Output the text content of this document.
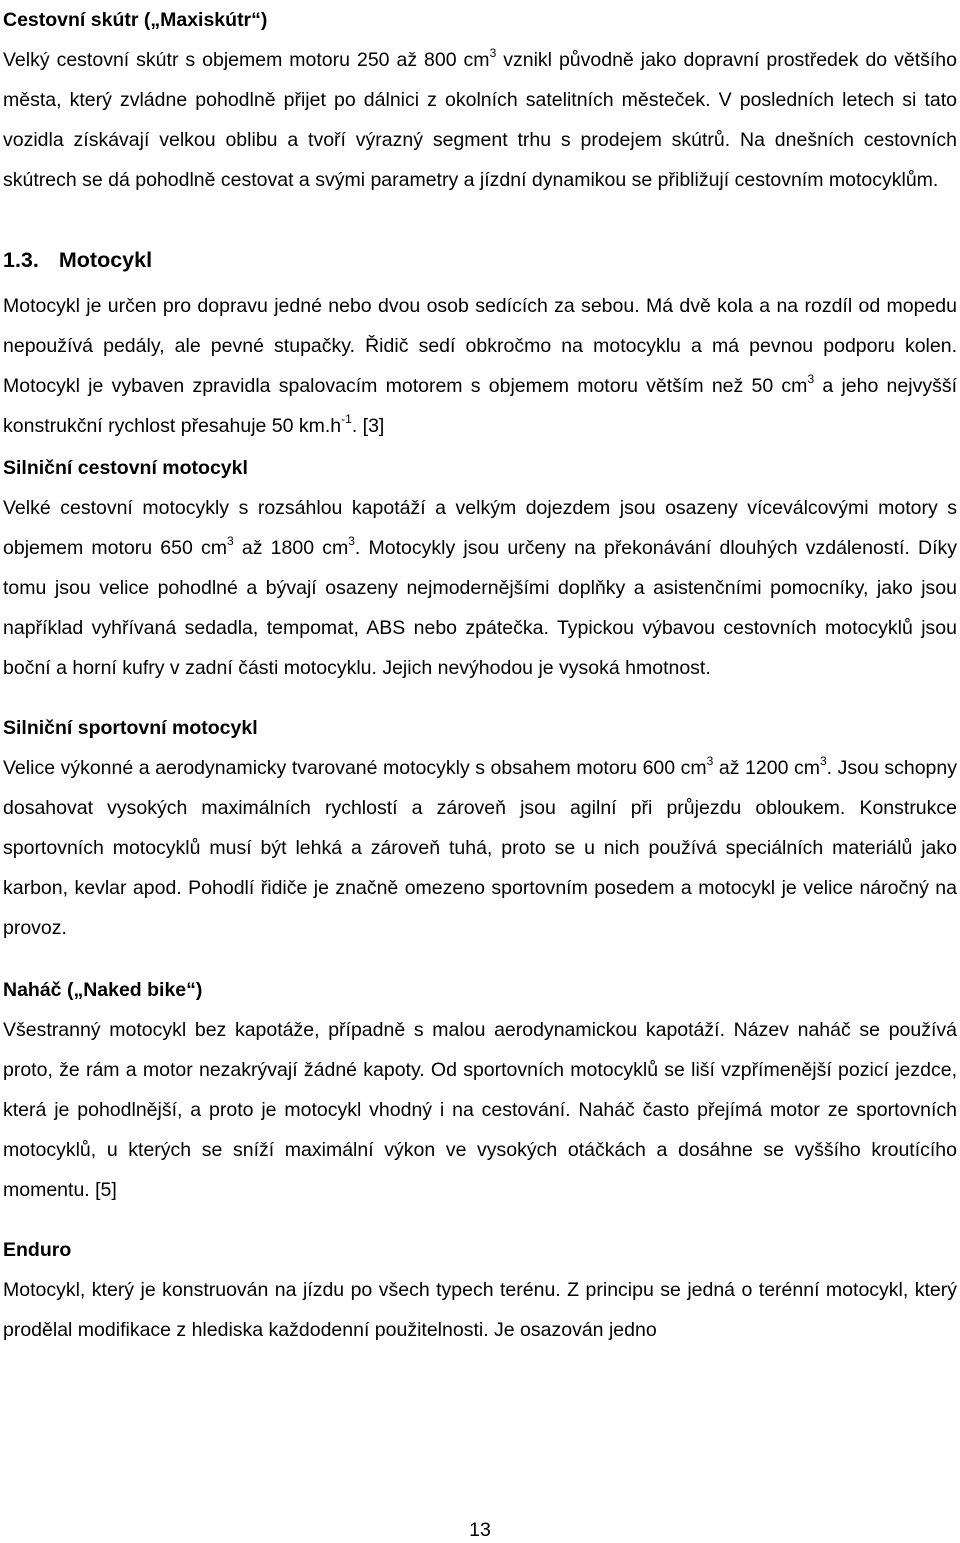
Cestovní skútr („Maxiskútr“)

Velký cestovní skútr s objemem motoru 250 až 800 $cm^3$ vznikl původně jako dopravní prostředek do většího města, který zvládne pohodlně přijet po dálnici z okolních satelitních městeček. V posledních letech si tato vozidla získávají velkou oblibu a tvoří výrazný segment trhu s prodejem skútrů. Na dnešních cestovních skútrech se dá pohodlně cestovat a svými parametry a jízdní dynamikou se přibližují cestovním motocyklům.

1.3. Motocykl

Motocykl je určen pro dopravu jedné nebo dvou osob sedících za sebou. Má dvě kola a na rozdíl od mopedu nepoužívá pedály, ale pevné stupačky. Řidič sedí obkročmo na motocyklu a má pevnou podporu kolen. Motocykl je vybaven zpravidla spalovacím motorem s objemem motoru větším než 50 $cm^3$ a jeho nejvyšší konstrukční rychlost přesahuje 50 $km.h^{-1}$. [3]

Silniční cestovní motocykl

Velké cestovní motocykly s rozsáhlou kapotáží a velkým dojezdem jsou osazeny víceválcovými motory s objemem motoru 650 $cm^3$ až 1800 $cm^3$. Motocykly jsou určeny na překonávání dlouhých vzdáleností. Díky tomu jsou velice pohodlné a bývají osazeny nejmodernějšími doplňky a asistenčními pomocníky, jako jsou například vyhřívaná sedadla, tempomat, ABS nebo zpátečka. Typickou výbavou cestovních motocyklů jsou boční a horní kufry v zadní části motocyklu. Jejich nevýhodou je vysoká hmotnost.

Silniční sportovní motocykl

Velice výkonné a aerodynamicky tvarované motocykly s obsahem motoru 600 $cm^3$ až 1200 $cm^3$. Jsou schopny dosahovat vysokých maximálních rychlostí a zároveň jsou agilní při průjezdu obloukem. Konstrukce sportovních motocyklů musí být lehká a zároveň tuhá, proto se u nich používá speciálních materiálů jako karbon, kevlar apod. Pohodlí řidiče je značně omezeno sportovním posedem a motocykl je velice náročný na provoz.

Naháč („Naked bike“)

Všestranný motocykl bez kapotáže, případně s malou aerodynamickou kapotáží. Název naháč se používá proto, že rám a motor nezakrývají žádné kapoty. Od sportovních motocyklů se liší vzpřímenější pozicí jezdce, která je pohodlnější, a proto je motocykl vhodný i na cestování. Naháč často přejímá motor ze sportovních motocyklů, u kterých se sníží maximální výkon ve vysokých otáčkách a dosáhne se vyššího kroutícího momentu. [5]

Enduro

Motocykl, který je konstruován na jízdu po všech typech terénu. Z principu se jedná o terénní motocykl, který prodělal modifikace z hlediska každodenní použitelnosti. Je osazován jedno

13
